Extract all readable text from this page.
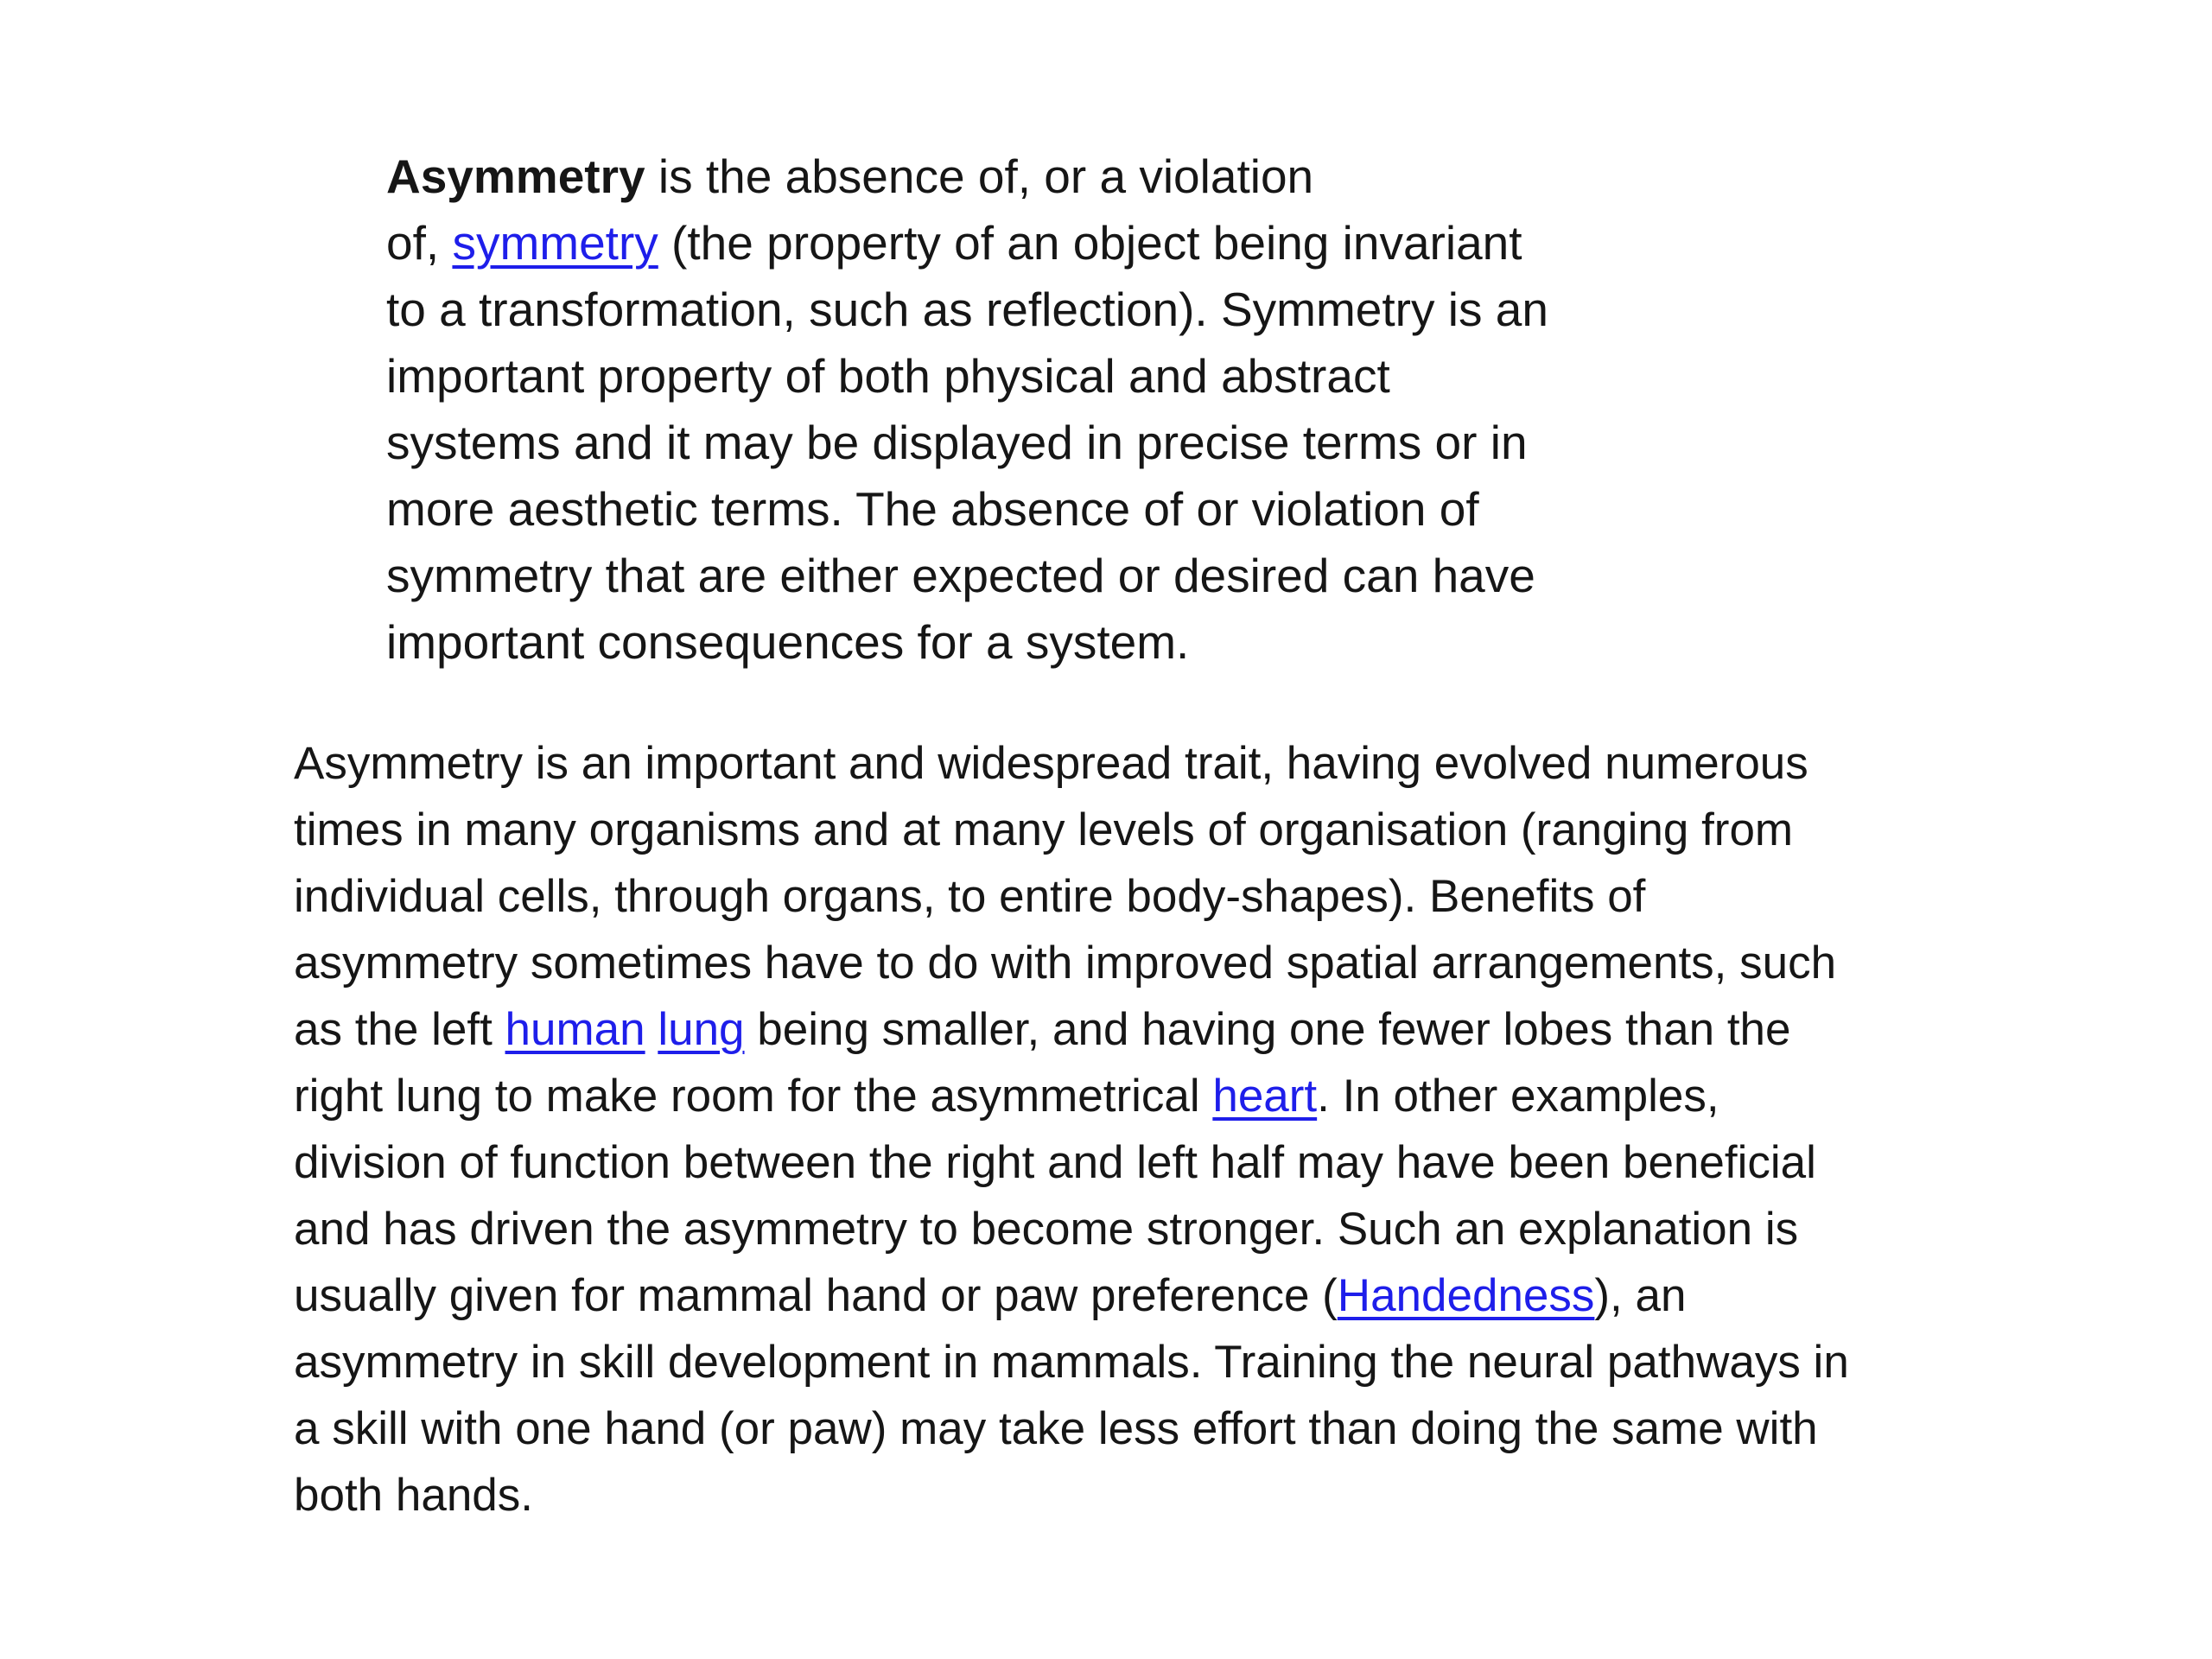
Asymmetry is the absence of, or a violation
of, symmetry (the property of an object being invariant
to a transformation, such as reflection). Symmetry is an
important property of both physical and abstract
systems and it may be displayed in precise terms or in
more aesthetic terms. The absence of or violation of
symmetry that are either expected or desired can have
important consequences for a system.
Asymmetry is an important and widespread trait, having evolved numerous
times in many organisms and at many levels of organisation (ranging from
individual cells, through organs, to entire body-shapes). Benefits of
asymmetry sometimes have to do with improved spatial arrangements, such
as the left human lung being smaller, and having one fewer lobes than the
right lung to make room for the asymmetrical heart. In other examples,
division of function between the right and left half may have been beneficial
and has driven the asymmetry to become stronger. Such an explanation is
usually given for mammal hand or paw preference (Handedness), an
asymmetry in skill development in mammals. Training the neural pathways in
a skill with one hand (or paw) may take less effort than doing the same with
both hands.
